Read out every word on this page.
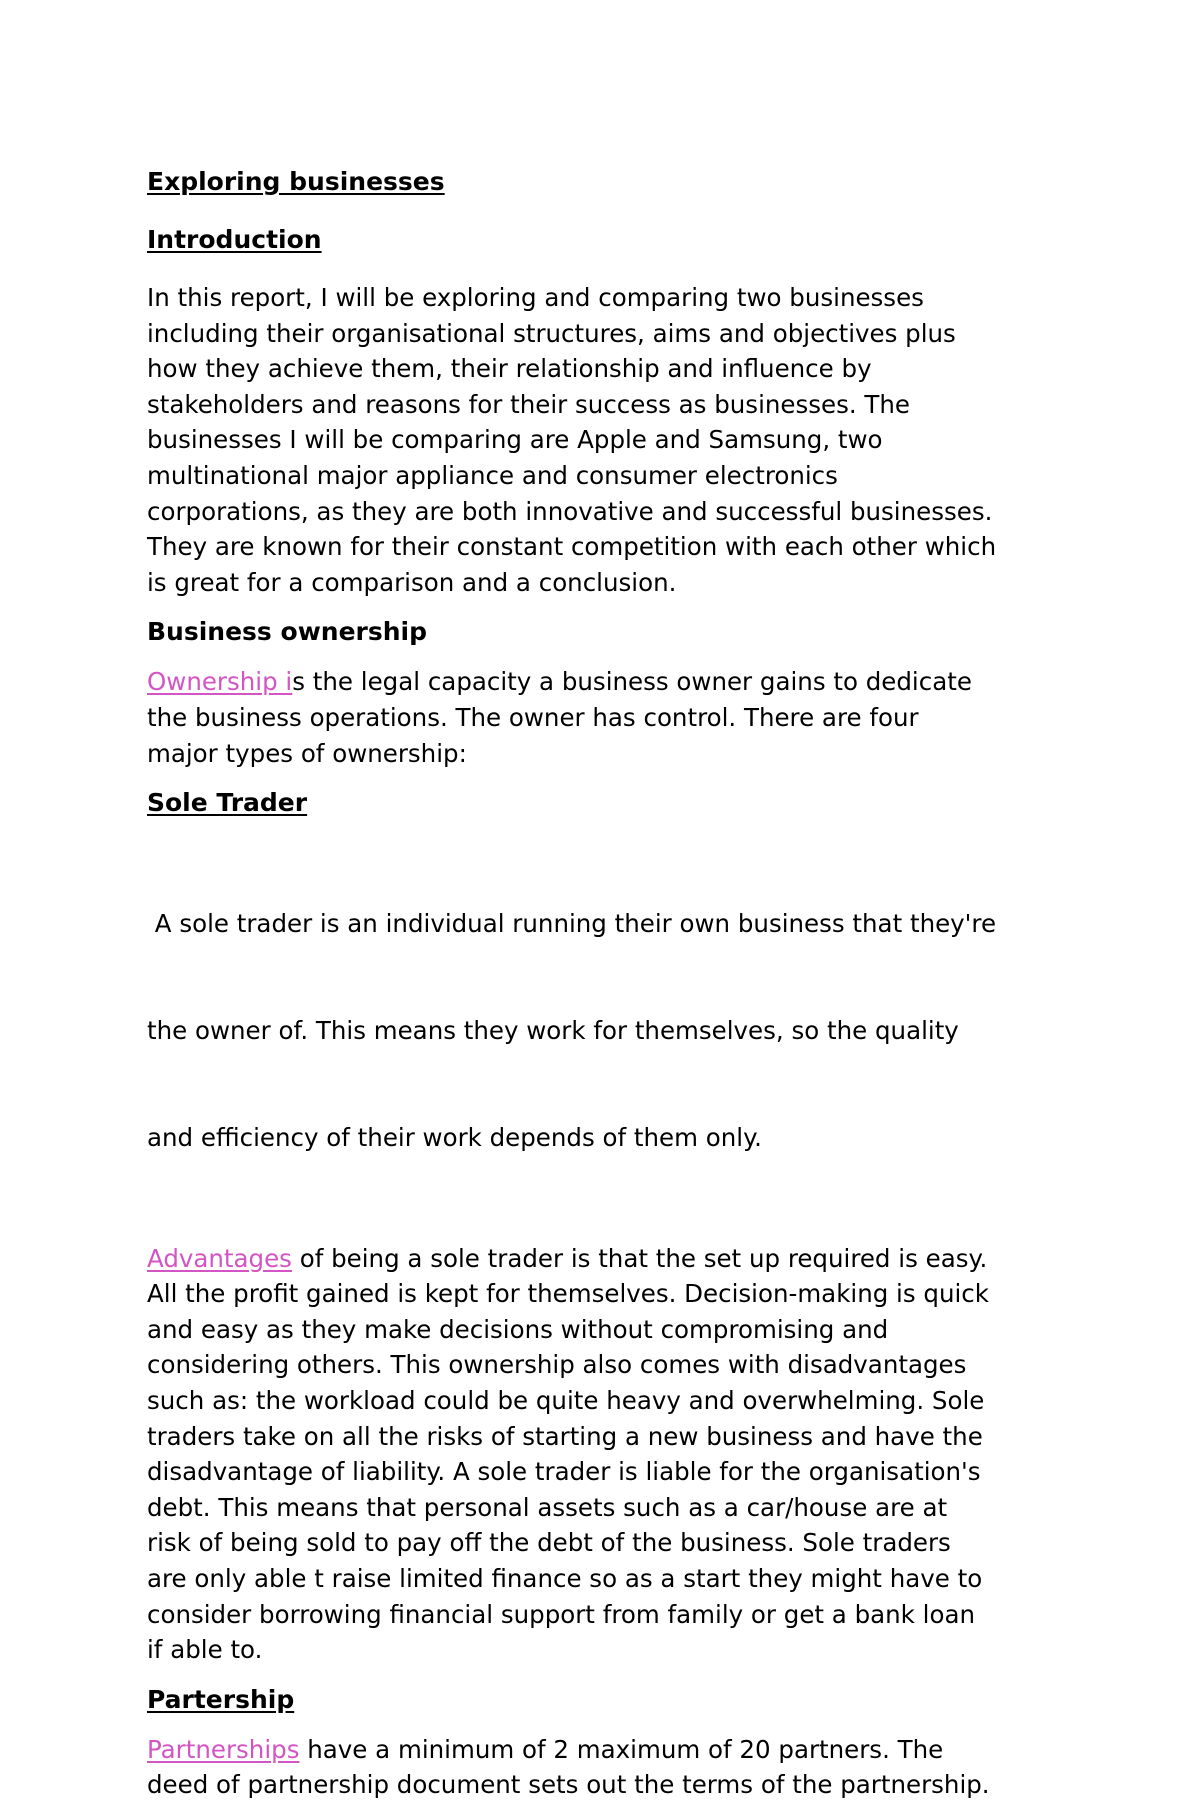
Exploring businesses
Introduction

In this report, I will be exploring and comparing two businesses
including their organisational structures, aims and objectives plus
how they achieve them, their relationship and influence by
stakeholders and reasons for their success as businesses. The
businesses I will be comparing are Apple and Samsung, two
multinational major appliance and consumer electronics
corporations, as they are both innovative and successful businesses.
They are known for their constant competition with each other which
is great for a comparison and a conclusion.

Business ownership

Ownership is the legal capacity a business owner gains to dedicate
the business operations. The owner has control. There are four
major types of ownership:

Sole Trader

A sole trader is an individual running their own business that they're

the owner of. This means they work for themselves, so the quality

and efficiency of their work depends of them only.

Advantages of being a sole trader is that the set up required is easy.
All the profit gained is kept for themselves. Decision-making is quick
and easy as they make decisions without compromising and
considering others. This ownership also comes with disadvantages
such as: the workload could be quite heavy and overwhelming. Sole
traders take on all the risks of starting a new business and have the
disadvantage of liability. A sole trader is liable for the organisation's
debt. This means that personal assets such as a car/house are at
risk of being sold to pay off the debt of the business. Sole traders
are only able t raise limited finance so as a start they might have to
consider borrowing financial support from family or get a bank loan
if able to.

Partership

Partnerships have a minimum of 2 maximum of 20 partners. The
deed of partnership document sets out the terms of the partnership.
